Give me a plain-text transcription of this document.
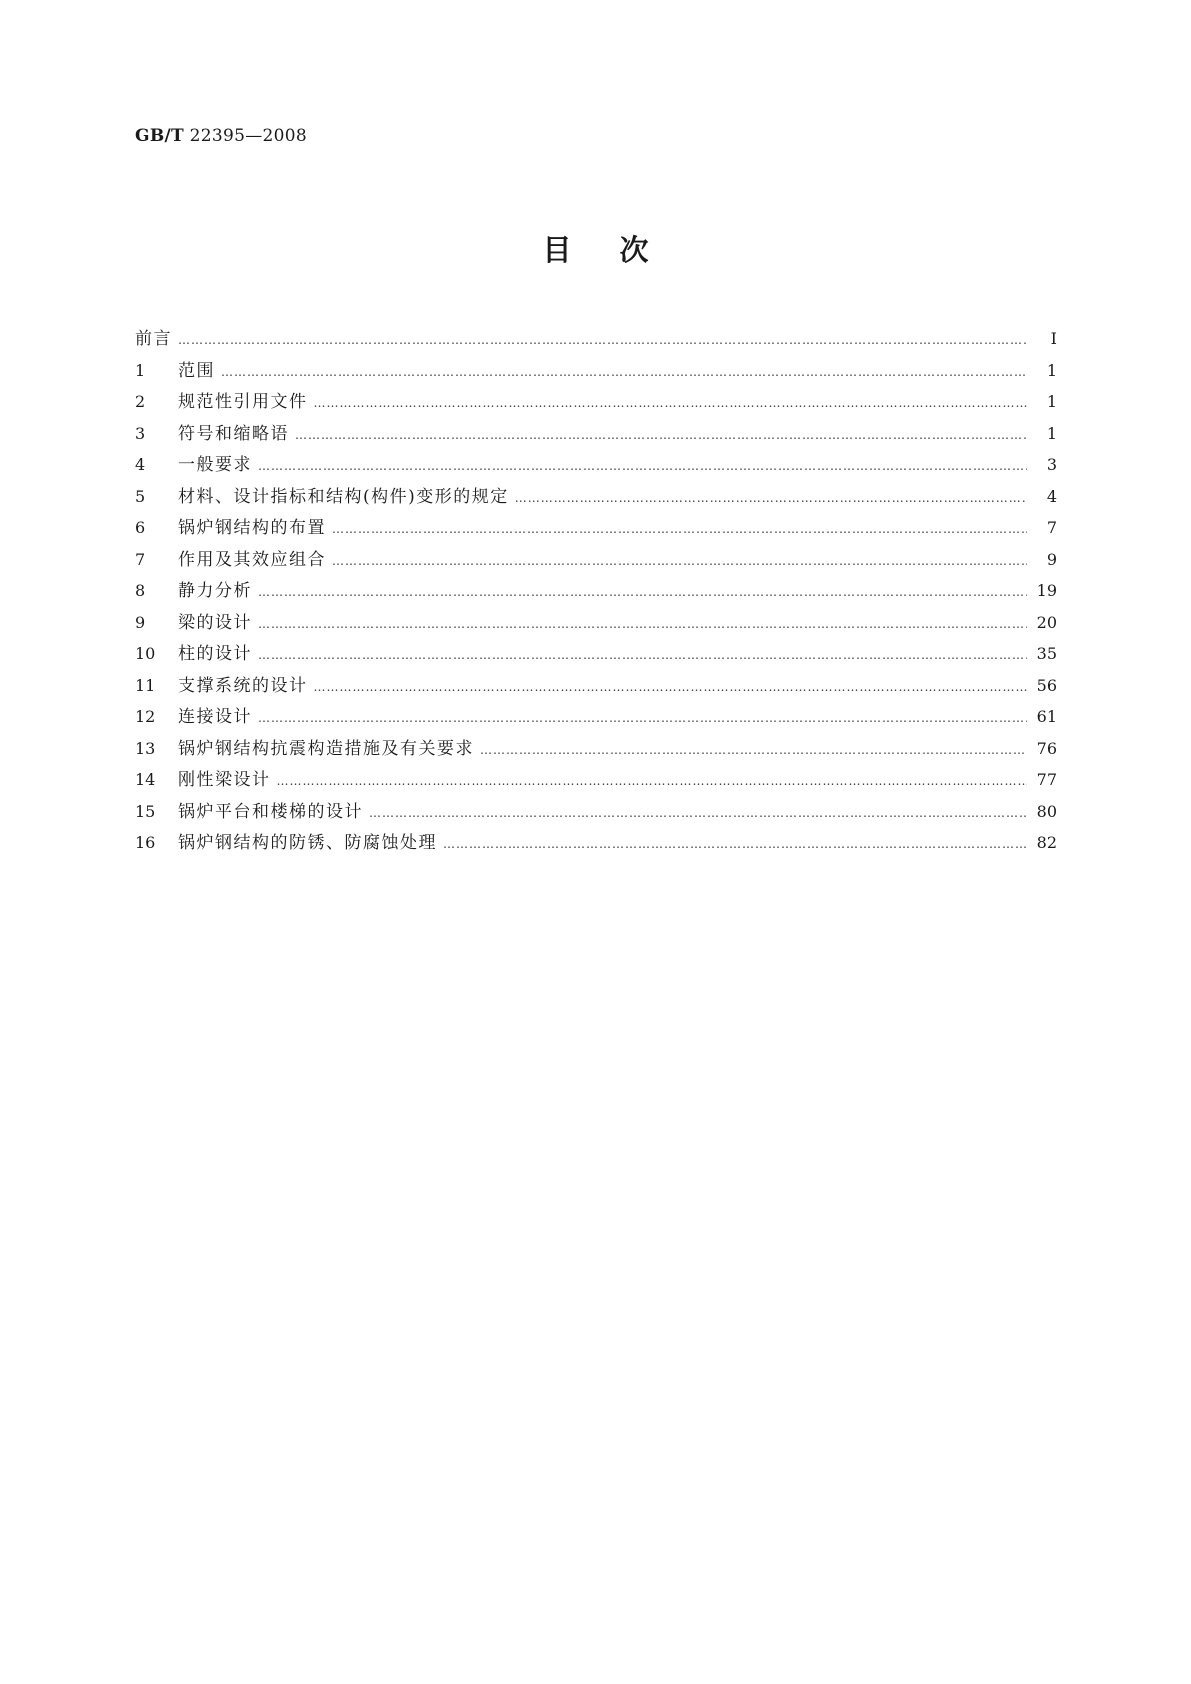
GB/T 22395—2008
目 次
前言 ……………………………………………………………………………………………………………………………………………………………………………………………………………	Ⅰ
1	范围 ……………………………………………………………………………………………………………………………………………………………………………………………………………	1
2	规范性引用文件 ……………………………………………………………………………………………………………………………………………………………………………………………………………	1
3	符号和缩略语 ……………………………………………………………………………………………………………………………………………………………………………………………………………	1
4	一般要求 ……………………………………………………………………………………………………………………………………………………………………………………………………………	3
5	材料、设计指标和结构(构件)变形的规定 ……………………………………………………………………………………………………………………………………………………………………………………………………………	4
6	锅炉钢结构的布置 ……………………………………………………………………………………………………………………………………………………………………………………………………………	7
7	作用及其效应组合 ……………………………………………………………………………………………………………………………………………………………………………………………………………	9
8	静力分析 ……………………………………………………………………………………………………………………………………………………………………………………………………………	19
9	梁的设计 ……………………………………………………………………………………………………………………………………………………………………………………………………………	20
10	柱的设计 ……………………………………………………………………………………………………………………………………………………………………………………………………………	35
11	支撑系统的设计 ……………………………………………………………………………………………………………………………………………………………………………………………………………	56
12	连接设计 ……………………………………………………………………………………………………………………………………………………………………………………………………………	61
13	锅炉钢结构抗震构造措施及有关要求 ……………………………………………………………………………………………………………………………………………………………………………………………………………	76
14	刚性梁设计 ……………………………………………………………………………………………………………………………………………………………………………………………………………	77
15	锅炉平台和楼梯的设计 ……………………………………………………………………………………………………………………………………………………………………………………………………………	80
16	锅炉钢结构的防锈、防腐蚀处理 ……………………………………………………………………………………………………………………………………………………………………………………………………………	82
